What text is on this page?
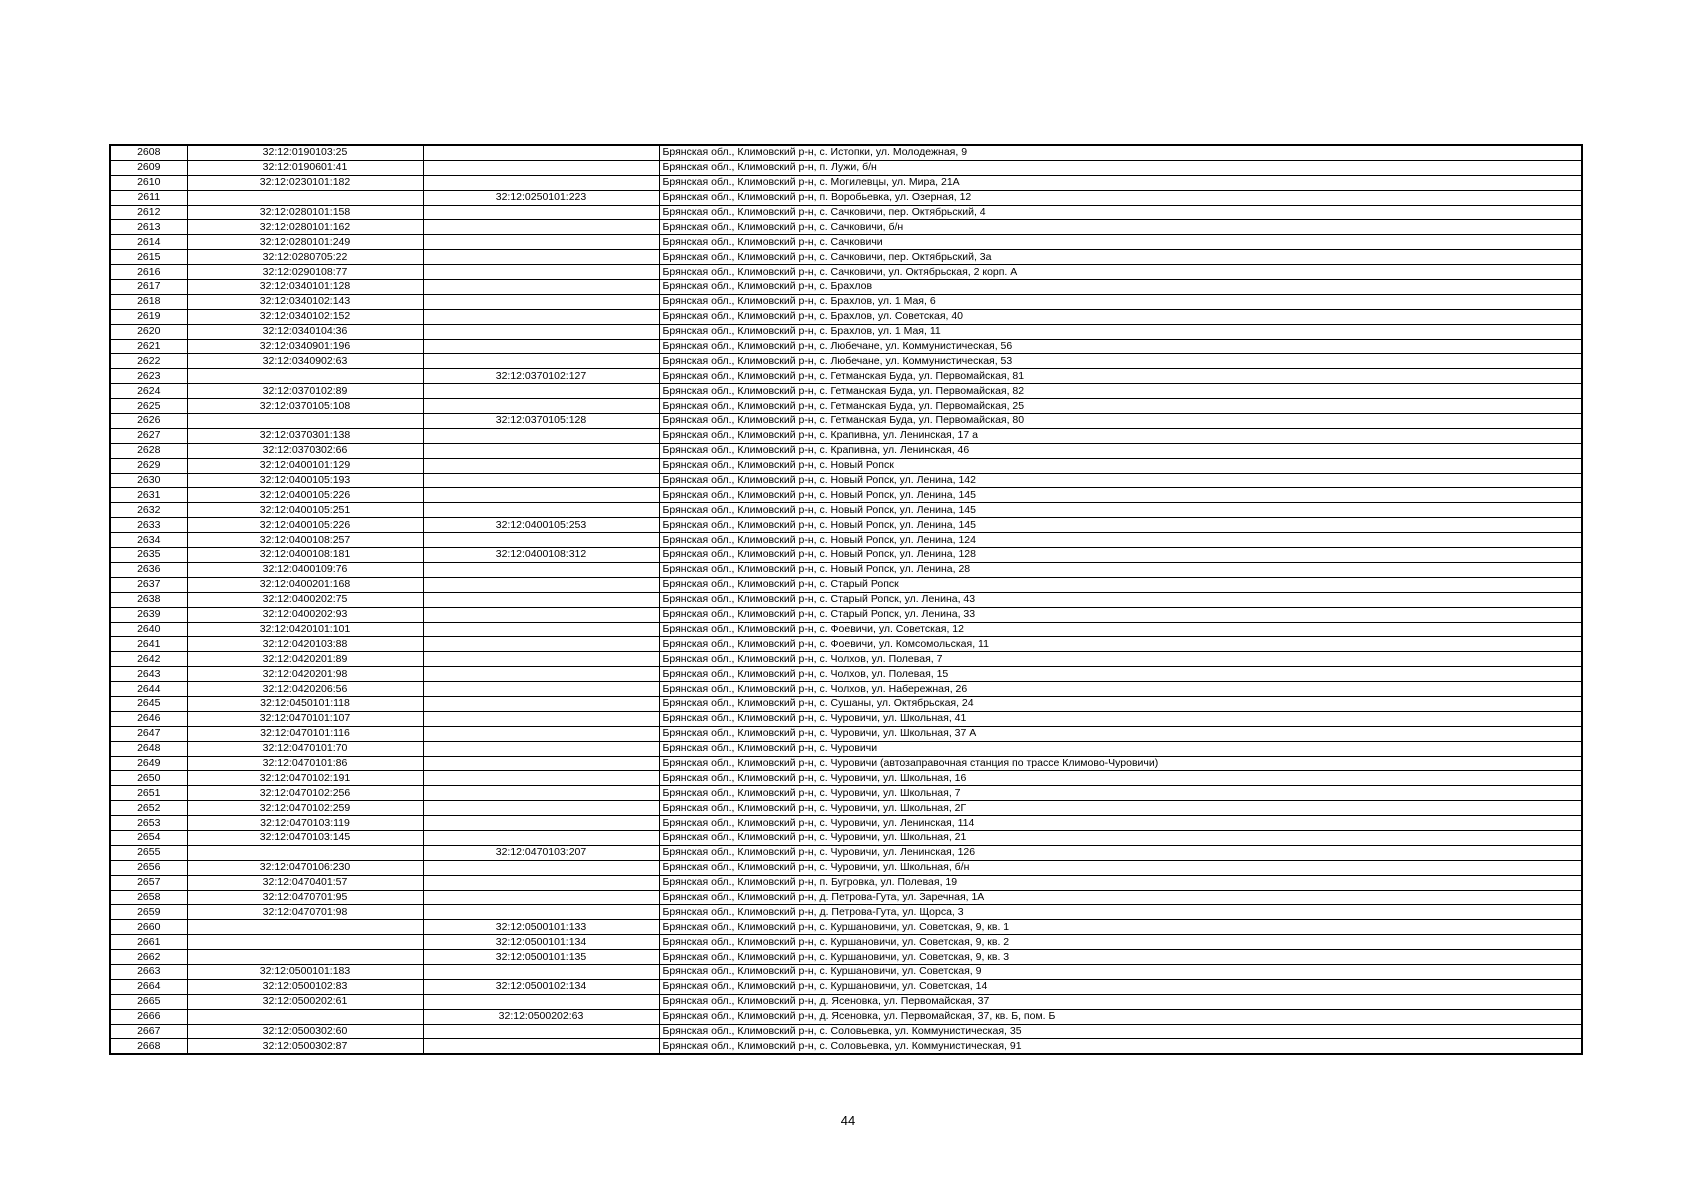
2608	32:12:0190103:25		Брянская обл., Климовский р-н, с. Истопки, ул. Молодежная, 9
2609	32:12:0190601:41		Брянская обл., Климовский р-н, п. Лужи, б/н
2610	32:12:0230101:182		Брянская обл., Климовский р-н, с. Могилевцы, ул. Мира, 21А
2611		32:12:0250101:223	Брянская обл., Климовский р-н, п. Воробьевка, ул. Озерная, 12
2612	32:12:0280101:158		Брянская обл., Климовский р-н, с. Сачковичи, пер. Октябрьский, 4
2613	32:12:0280101:162		Брянская обл., Климовский р-н, с. Сачковичи, б/н
2614	32:12:0280101:249		Брянская обл., Климовский р-н, с. Сачковичи
2615	32:12:0280705:22		Брянская обл., Климовский р-н, с. Сачковичи, пер. Октябрьский, 3а
2616	32:12:0290108:77		Брянская обл., Климовский р-н, с. Сачковичи, ул. Октябрьская, 2 корп. А
2617	32:12:0340101:128		Брянская обл., Климовский р-н, с. Брахлов
2618	32:12:0340102:143		Брянская обл., Климовский р-н, с. Брахлов, ул. 1 Мая, 6
2619	32:12:0340102:152		Брянская обл., Климовский р-н, с. Брахлов, ул. Советская, 40
2620	32:12:0340104:36		Брянская обл., Климовский р-н, с. Брахлов, ул. 1 Мая, 11
2621	32:12:0340901:196		Брянская обл., Климовский р-н, с. Любечане, ул. Коммунистическая, 56
2622	32:12:0340902:63		Брянская обл., Климовский р-н, с. Любечане, ул. Коммунистическая, 53
2623		32:12:0370102:127	Брянская обл., Климовский р-н, с. Гетманская Буда, ул. Первомайская, 81
2624	32:12:0370102:89		Брянская обл., Климовский р-н, с. Гетманская Буда, ул. Первомайская, 82
2625	32:12:0370105:108		Брянская обл., Климовский р-н, с. Гетманская Буда, ул. Первомайская, 25
2626		32:12:0370105:128	Брянская обл., Климовский р-н, с. Гетманская Буда, ул. Первомайская, 80
2627	32:12:0370301:138		Брянская обл., Климовский р-н, с. Крапивна, ул. Ленинская, 17 а
2628	32:12:0370302:66		Брянская обл., Климовский р-н, с. Крапивна, ул. Ленинская, 46
2629	32:12:0400101:129		Брянская обл., Климовский р-н, с. Новый Ропск
2630	32:12:0400105:193		Брянская обл., Климовский р-н, с. Новый Ропск, ул. Ленина, 142
2631	32:12:0400105:226		Брянская обл., Климовский р-н, с. Новый Ропск, ул. Ленина, 145
2632	32:12:0400105:251		Брянская обл., Климовский р-н, с. Новый Ропск, ул. Ленина, 145
2633	32:12:0400105:226	32:12:0400105:253	Брянская обл., Климовский р-н, с. Новый Ропск, ул. Ленина, 145
2634	32:12:0400108:257		Брянская обл., Климовский р-н, с. Новый Ропск, ул. Ленина, 124
2635	32:12:0400108:181	32:12:0400108:312	Брянская обл., Климовский р-н, с. Новый Ропск, ул. Ленина, 128
2636	32:12:0400109:76		Брянская обл., Климовский р-н, с. Новый Ропск, ул. Ленина, 28
2637	32:12:0400201:168		Брянская обл., Климовский р-н, с. Старый Ропск
2638	32:12:0400202:75		Брянская обл., Климовский р-н, с. Старый Ропск, ул. Ленина, 43
2639	32:12:0400202:93		Брянская обл., Климовский р-н, с. Старый Ропск, ул. Ленина, 33
2640	32:12:0420101:101		Брянская обл., Климовский р-н, с. Фоевичи, ул. Советская, 12
2641	32:12:0420103:88		Брянская обл., Климовский р-н, с. Фоевичи, ул. Комсомольская, 11
2642	32:12:0420201:89		Брянская обл., Климовский р-н, с. Чолхов, ул. Полевая, 7
2643	32:12:0420201:98		Брянская обл., Климовский р-н, с. Чолхов, ул. Полевая, 15
2644	32:12:0420206:56		Брянская обл., Климовский р-н, с. Чолхов, ул. Набережная, 26
2645	32:12:0450101:118		Брянская обл., Климовский р-н, с. Сушаны, ул. Октябрьская, 24
2646	32:12:0470101:107		Брянская обл., Климовский р-н, с. Чуровичи, ул. Школьная, 41
2647	32:12:0470101:116		Брянская обл., Климовский р-н, с. Чуровичи, ул. Школьная, 37 А
2648	32:12:0470101:70		Брянская обл., Климовский р-н, с. Чуровичи
2649	32:12:0470101:86		Брянская обл., Климовский р-н, с. Чуровичи (автозаправочная станция по трассе Климово-Чуровичи)
2650	32:12:0470102:191		Брянская обл., Климовский р-н, с. Чуровичи, ул. Школьная, 16
2651	32:12:0470102:256		Брянская обл., Климовский р-н, с. Чуровичи, ул. Школьная, 7
2652	32:12:0470102:259		Брянская обл., Климовский р-н, с. Чуровичи, ул. Школьная, 2Г
2653	32:12:0470103:119		Брянская обл., Климовский р-н, с. Чуровичи, ул. Ленинская, 114
2654	32:12:0470103:145		Брянская обл., Климовский р-н, с. Чуровичи, ул. Школьная, 21
2655		32:12:0470103:207	Брянская обл., Климовский р-н, с. Чуровичи, ул. Ленинская, 126
2656	32:12:0470106:230		Брянская обл., Климовский р-н, с. Чуровичи, ул. Школьная, б/н
2657	32:12:0470401:57		Брянская обл., Климовский р-н, п. Бугровка, ул. Полевая, 19
2658	32:12:0470701:95		Брянская обл., Климовский р-н, д. Петрова-Гута, ул. Заречная, 1А
2659	32:12:0470701:98		Брянская обл., Климовский р-н, д. Петрова-Гута, ул. Щорса, 3
2660		32:12:0500101:133	Брянская обл., Климовский р-н, с. Куршановичи, ул. Советская, 9, кв. 1
2661		32:12:0500101:134	Брянская обл., Климовский р-н, с. Куршановичи, ул. Советская, 9, кв. 2
2662		32:12:0500101:135	Брянская обл., Климовский р-н, с. Куршановичи, ул. Советская, 9, кв. 3
2663	32:12:0500101:183		Брянская обл., Климовский р-н, с. Куршановичи, ул. Советская, 9
2664	32:12:0500102:83	32:12:0500102:134	Брянская обл., Климовский р-н, с. Куршановичи, ул. Советская, 14
2665	32:12:0500202:61		Брянская обл., Климовский р-н, д. Ясеновка, ул. Первомайская, 37
2666		32:12:0500202:63	Брянская обл., Климовский р-н, д. Ясеновка, ул. Первомайская, 37, кв. Б, пом. Б
2667	32:12:0500302:60		Брянская обл., Климовский р-н, с. Соловьевка, ул. Коммунистическая, 35
2668	32:12:0500302:87		Брянская обл., Климовский р-н, с. Соловьевка, ул. Коммунистическая, 91
44
